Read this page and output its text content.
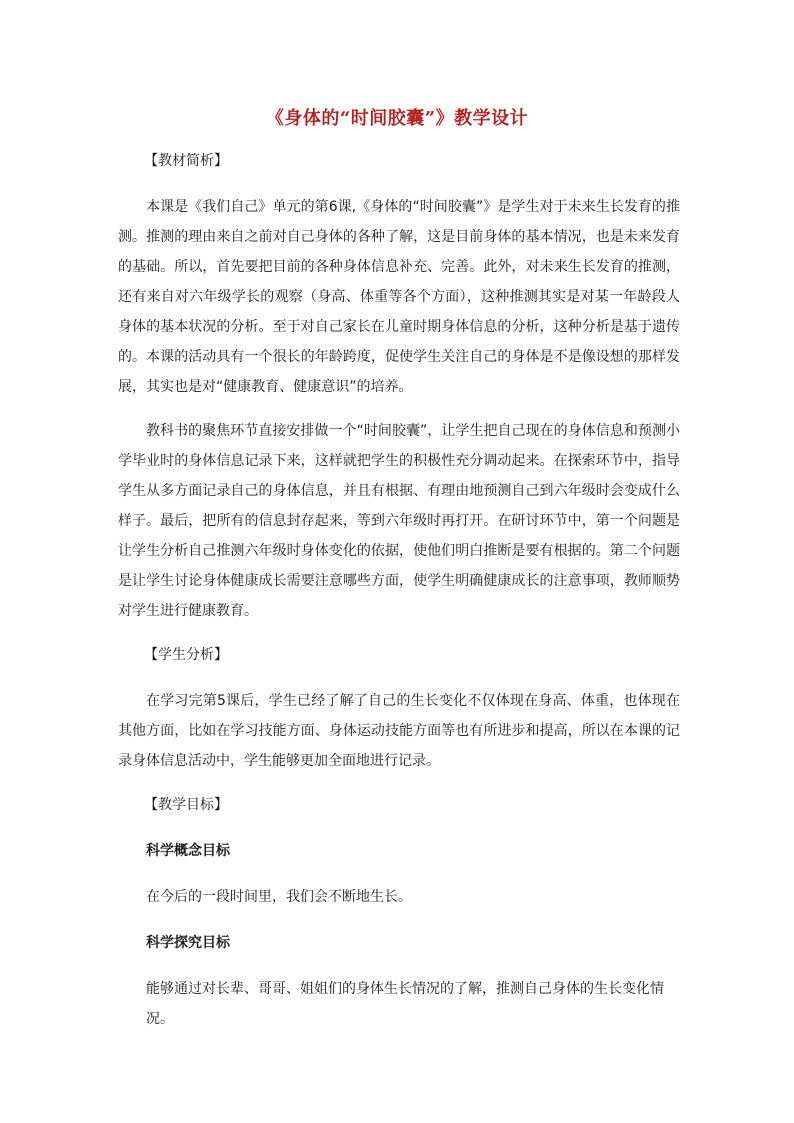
《身体的“时间胶囊”》教学设计
【教材简析】

本课是《我们自己》单元的第6课,《身体的“时间胶囊”》是学生对于未来生长发育的推测。推测的理由来自之前对自己身体的各种了解，这是目前身体的基本情况，也是未来发育的基础。所以，首先要把目前的各种身体信息补充、完善。此外，对未来生长发育的推测，还有来自对六年级学长的观察（身高、体重等各个方面），这种推测其实是对某一年龄段人身体的基本状况的分析。至于对自己家长在儿童时期身体信息的分析，这种分析是基于遗传的。本课的活动具有一个很长的年龄跨度，促使学生关注自己的身体是不是像设想的那样发展，其实也是对“健康教育、健康意识”的培养。

教科书的聚焦环节直接安排做一个“时间胶囊”，让学生把自己现在的身体信息和预测小学毕业时的身体信息记录下来，这样就把学生的积极性充分调动起来。在探索环节中，指导学生从多方面记录自己的身体信息，并且有根据、有理由地预测自己到六年级时会变成什么样子。最后，把所有的信息封存起来，等到六年级时再打开。在研讨环节中，第一个问题是让学生分析自己推测六年级时身体变化的依据，使他们明白推断是要有根据的。第二个问题是让学生讨论身体健康成长需要注意哪些方面，使学生明确健康成长的注意事项，教师顺势对学生进行健康教育。

【学生分析】

在学习完第5课后，学生已经了解了自己的生长变化不仅体现在身高、体重，也体现在其他方面，比如在学习技能方面、身体运动技能方面等也有所进步和提高，所以在本课的记录身体信息活动中，学生能够更加全面地进行记录。

【教学目标】
科学概念目标
在今后的一段时间里，我们会不断地生长。
科学探究目标
能够通过对长辈、哥哥、姐姐们的身体生长情况的了解，推测自己身体的生长变化情况。
